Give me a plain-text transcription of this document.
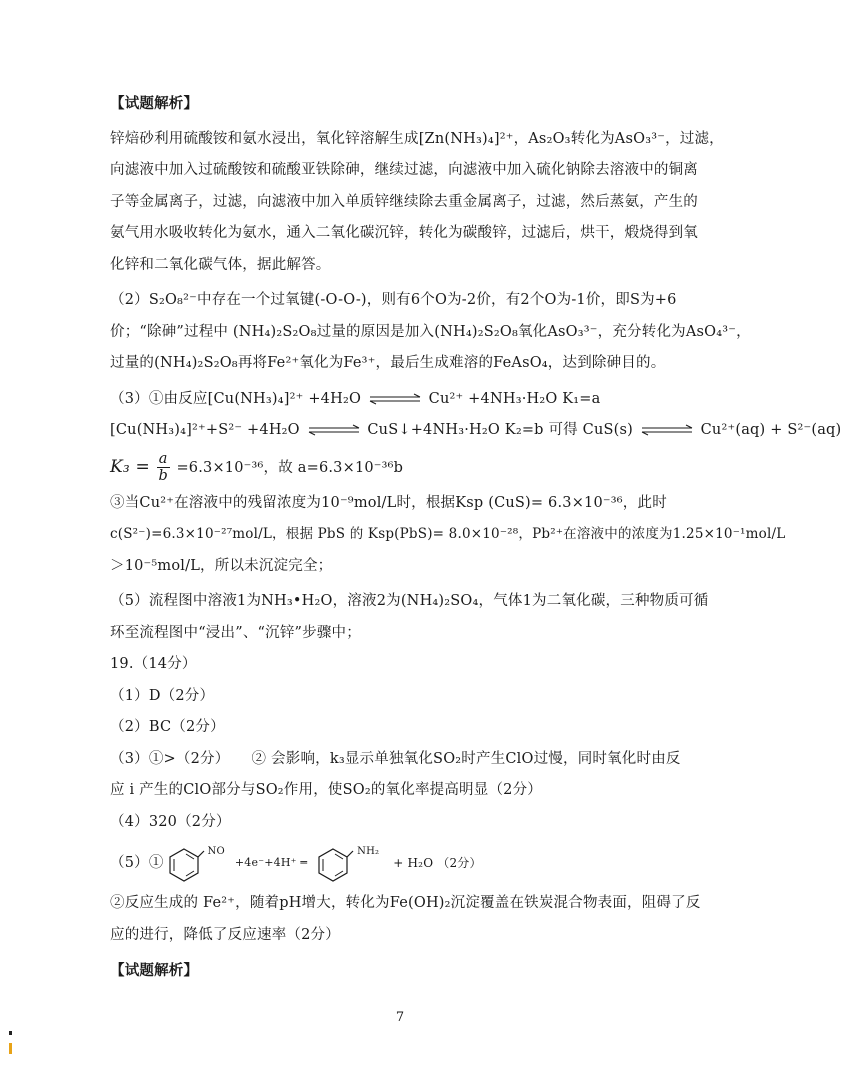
【试题解析】

锌焙砂利用硫酸铵和氨水浸出，氧化锌溶解生成[Zn(NH₃)₄]²⁺，As₂O₃转化为AsO₃³⁻，过滤，

向滤液中加入过硫酸铵和硫酸亚铁除砷，继续过滤，向滤液中加入硫化钠除去溶液中的铜离

子等金属离子，过滤，向滤液中加入单质锌继续除去重金属离子，过滤，然后蒸氨，产生的

氨气用水吸收转化为氨水，通入二氧化碳沉锌，转化为碳酸锌，过滤后，烘干，煅烧得到氧

化锌和二氧化碳气体，据此解答。

（2）S₂O₈²⁻中存在一个过氧键(-O-O-)，则有6个O为-2价，有2个O为-1价，即S为+6

价；“除砷”过程中 (NH₄)₂S₂O₈过量的原因是加入(NH₄)₂S₂O₈氧化AsO₃³⁻，充分转化为AsO₄³⁻，

过量的(NH₄)₂S₂O₈再将Fe²⁺氧化为Fe³⁺，最后生成难溶的FeAsO₄，达到除砷目的。

（3）①由反应[Cu(NH₃)₄]²⁺ +4H₂O ⇌ Cu²⁺ +4NH₃·H₂O K₁=a

[Cu(NH₃)₄]²⁺+S²⁻ +4H₂O ⇌ CuS↓+4NH₃·H₂O K₂=b 可得 CuS(s) ⇌ Cu²⁺(aq) + S²⁻(aq)

$K_3 = \frac{a}{b} =6.3\times 10^{-36}$，故 a=6.3×10⁻³⁶b

③当Cu²⁺在溶液中的残留浓度为10⁻⁹mol/L时，根据Ksp (CuS)= 6.3×10⁻³⁶，此时

c(S²⁻)=6.3×10⁻²⁷mol/L，根据 PbS 的 Ksp(PbS)= 8.0×10⁻²⁸，Pb²⁺在溶液中的浓度为1.25×10⁻¹mol/L

＞10⁻⁵mol/L，所以未沉淀完全；

（5）流程图中溶液1为NH₃•H₂O，溶液2为(NH₄)₂SO₄，气体1为二氧化碳，三种物质可循

环至流程图中“浸出”、“沉锌”步骤中；

19.（14分）

（1）D（2分）

（2）BC（2分）

（3）①>（2分）　　② 会影响，k₃显示单独氧化SO₂时产生ClO过慢，同时氧化时由反

应 i 产生的ClO部分与SO₂作用，使SO₂的氧化率提高明显（2分）

（4）320（2分）

（5）①
NO
+4e⁻+4H⁺ ═
NH₂
+ H₂O （2分）

②反应生成的 Fe²⁺，随着pH增大，转化为Fe(OH)₂沉淀覆盖在铁炭混合物表面，阻碍了反

应的进行，降低了反应速率（2分）

【试题解析】

7
